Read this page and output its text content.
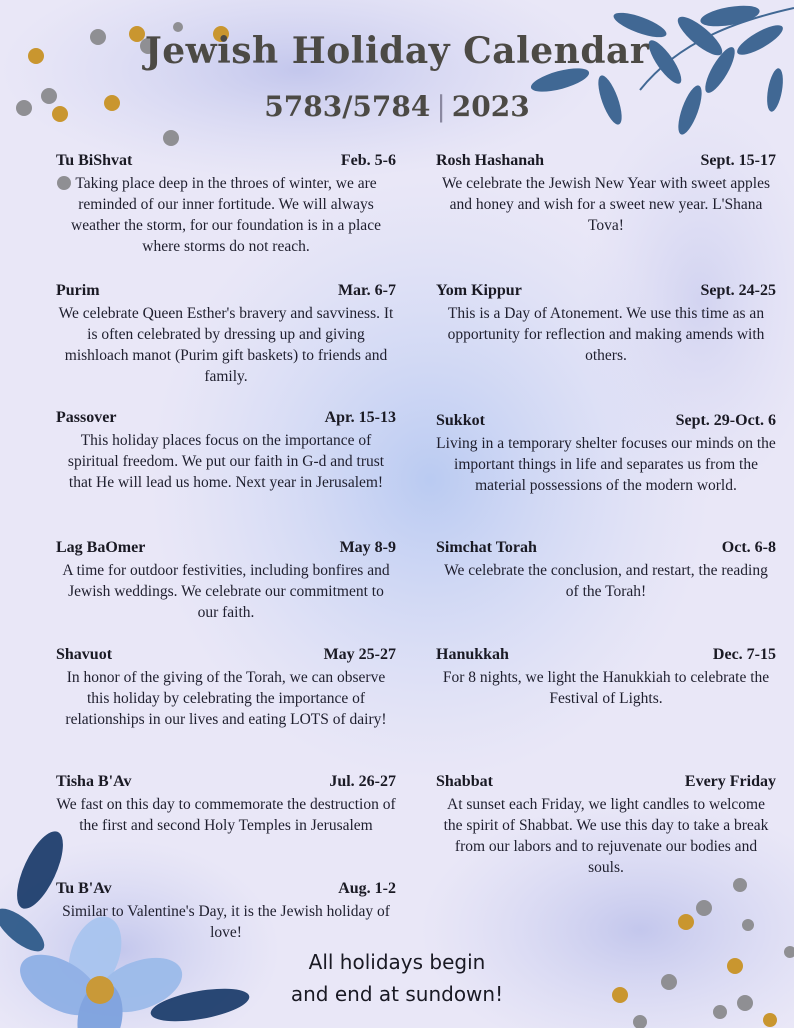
Jewish Holiday Calendar
5783/5784 | 2023
Tu BiShvat	Feb. 5-6
Taking place deep in the throes of winter, we are reminded of our inner fortitude. We will always weather the storm, for our foundation is in a place where storms do not reach.
Purim	Mar. 6-7
We celebrate Queen Esther's bravery and savviness. It is often celebrated by dressing up and giving mishloach manot (Purim gift baskets) to friends and family.
Passover	Apr. 15-13
This holiday places focus on the importance of spiritual freedom. We put our faith in G-d and trust that He will lead us home. Next year in Jerusalem!
Lag BaOmer	May 8-9
A time for outdoor festivities, including bonfires and Jewish weddings. We celebrate our commitment to our faith.
Shavuot	May 25-27
In honor of the giving of the Torah, we can observe this holiday by celebrating the importance of relationships in our lives and eating LOTS of dairy!
Tisha B'Av	Jul. 26-27
We fast on this day to commemorate the destruction of the first and second Holy Temples in Jerusalem
Tu B'Av	Aug. 1-2
Similar to Valentine's Day, it is the Jewish holiday of love!
Rosh Hashanah	Sept. 15-17
We celebrate the Jewish New Year with sweet apples and honey and wish for a sweet new year. L'Shana Tova!
Yom Kippur	Sept. 24-25
This is a Day of Atonement. We use this time as an opportunity for reflection and making amends with others.
Sukkot	Sept. 29-Oct. 6
Living in a temporary shelter focuses our minds on the important things in life and separates us from the material possessions of the modern world.
Simchat Torah	Oct. 6-8
We celebrate the conclusion, and restart, the reading of the Torah!
Hanukkah	Dec. 7-15
For 8 nights, we light the Hanukkiah to celebrate the Festival of Lights.
Shabbat	Every Friday
At sunset each Friday, we light candles to welcome the spirit of Shabbat. We use this day to take a break from our labors and to rejuvenate our bodies and souls.
All holidays begin
and end at sundown!
